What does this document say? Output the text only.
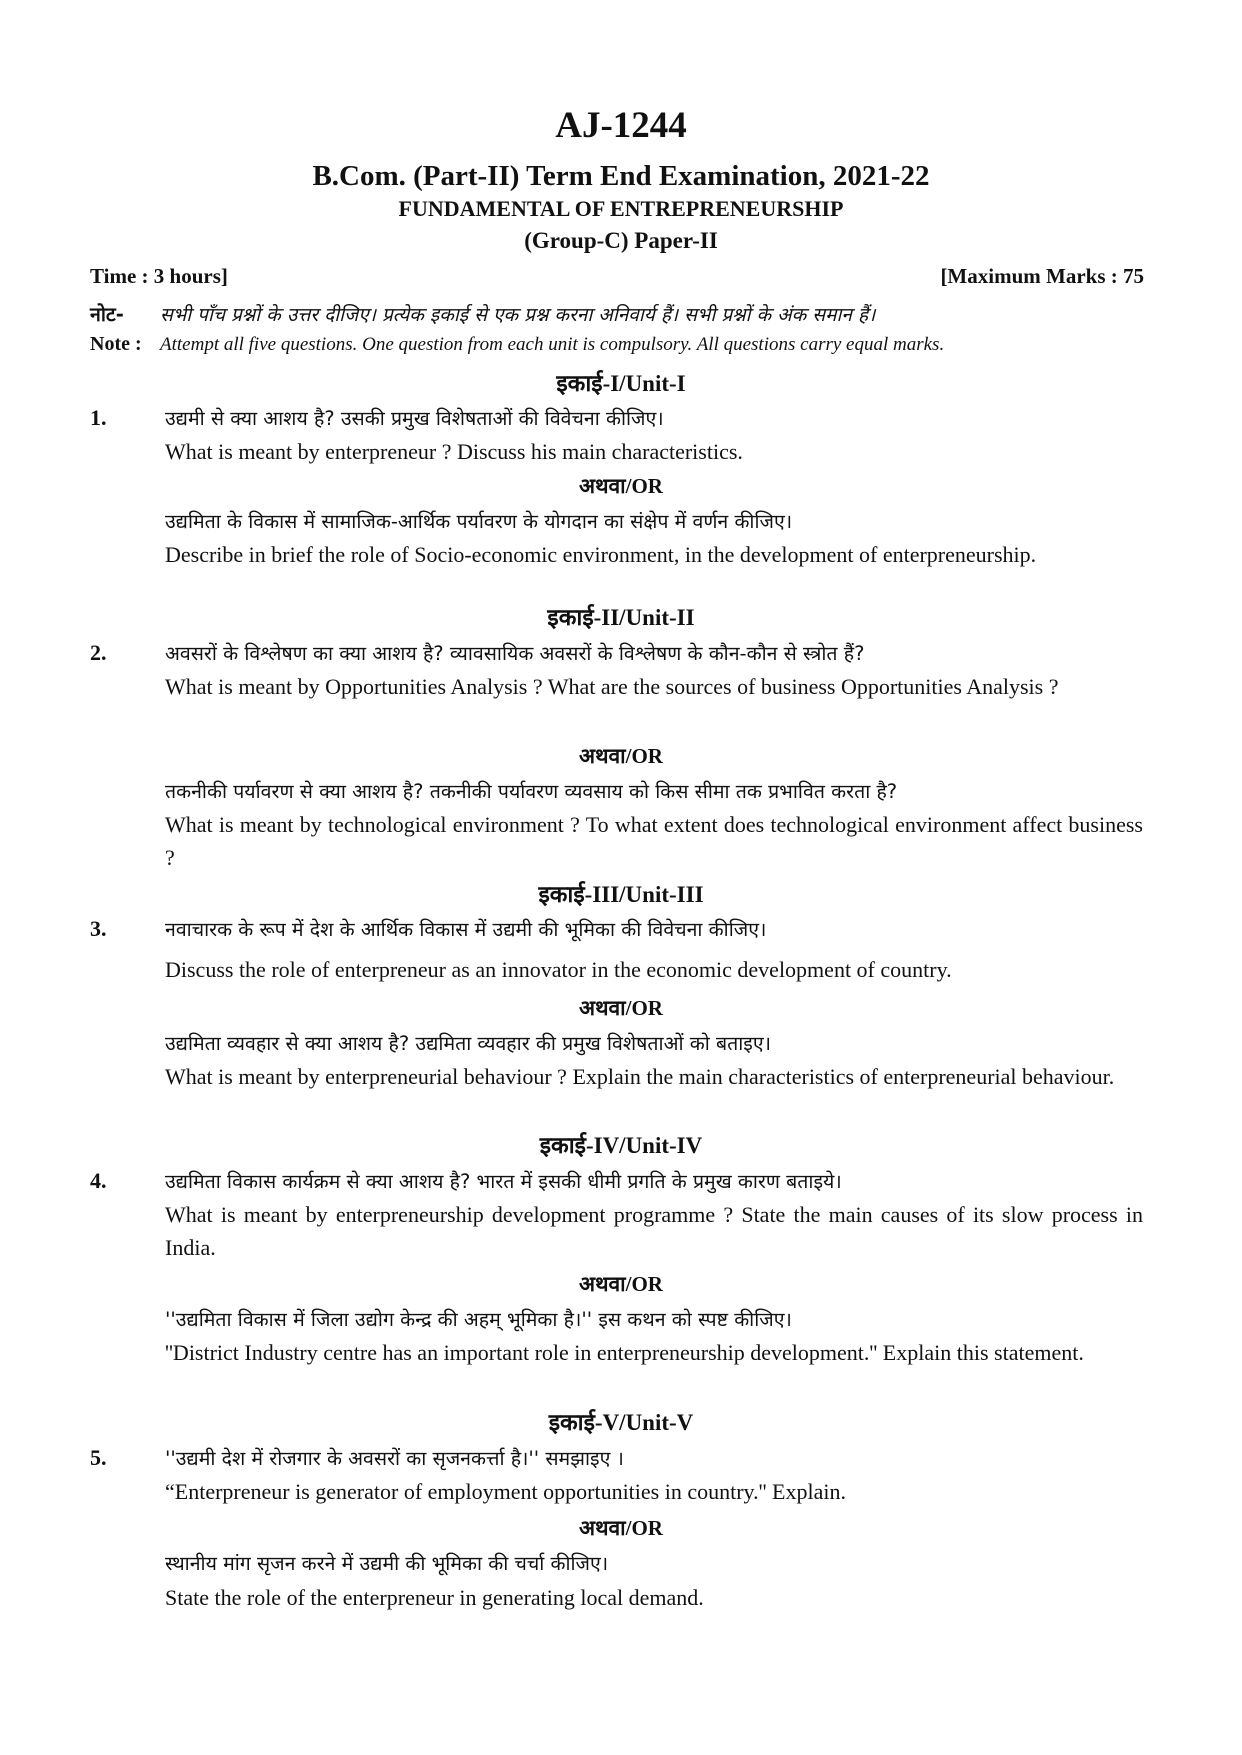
AJ-1244
B.Com. (Part-II) Term End Examination, 2021-22
FUNDAMENTAL OF ENTREPRENEURSHIP
(Group-C) Paper-II
Time : 3 hours]	[Maximum Marks : 75
नोट- सभी पाँच प्रश्नों के उत्तर दीजिए। प्रत्येक इकाई से एक प्रश्न करना अनिवार्य हैं। सभी प्रश्नों के अंक समान हैं।
Note : Attempt all five questions. One question from each unit is compulsory. All questions carry equal marks.
इकाई-I/Unit-I
1.	उद्यमी से क्या आशय है? उसकी प्रमुख विशेषताओं की विवेचना कीजिए।
What is meant by enterpreneur ? Discuss his main characteristics.
अथवा/OR
उद्यमिता के विकास में सामाजिक-आर्थिक पर्यावरण के योगदान का संक्षेप में वर्णन कीजिए।
Describe in brief the role of Socio-economic environment, in the development of enterpreneurship.
इकाई-II/Unit-II
2.	अवसरों के विश्लेषण का क्या आशय है? व्यावसायिक अवसरों के विश्लेषण के कौन-कौन से स्त्रोत हैं?
What is meant by Opportunities Analysis ? What are the sources of business Opportunities Analysis ?
अथवा/OR
तकनीकी पर्यावरण से क्या आशय है? तकनीकी पर्यावरण व्यवसाय को किस सीमा तक प्रभावित करता है?
What is meant by technological environment ? To what extent does technological environment affect business ?
इकाई-III/Unit-III
3.	नवाचारक के रूप में देश के आर्थिक विकास में उद्यमी की भूमिका की विवेचना कीजिए।
Discuss the role of enterpreneur as an innovator in the economic development of country.
अथवा/OR
उद्यमिता व्यवहार से क्या आशय है? उद्यमिता व्यवहार की प्रमुख विशेषताओं को बताइए।
What is meant by enterpreneurial behaviour ? Explain the main characteristics of enterpreneurial behaviour.
इकाई-IV/Unit-IV
4.	उद्यमिता विकास कार्यक्रम से क्या आशय है? भारत में इसकी धीमी प्रगति के प्रमुख कारण बताइये।
What is meant by enterpreneurship development programme ? State the main causes of its slow process in India.
अथवा/OR
''उद्यमिता विकास में जिला उद्योग केन्द्र की अहम् भूमिका है।'' इस कथन को स्पष्ट कीजिए।
''District Industry centre has an important role in enterpreneurship development.'' Explain this statement.
इकाई-V/Unit-V
5.	''उद्यमी देश में रोजगार के अवसरों का सृजनकर्त्ता है।'' समझाइए ।
“Enterpreneur is generator of employment opportunities in country.'' Explain.
अथवा/OR
स्थानीय मांग सृजन करने में उद्यमी की भूमिका की चर्चा कीजिए।
State the role of the enterpreneur in generating local demand.
